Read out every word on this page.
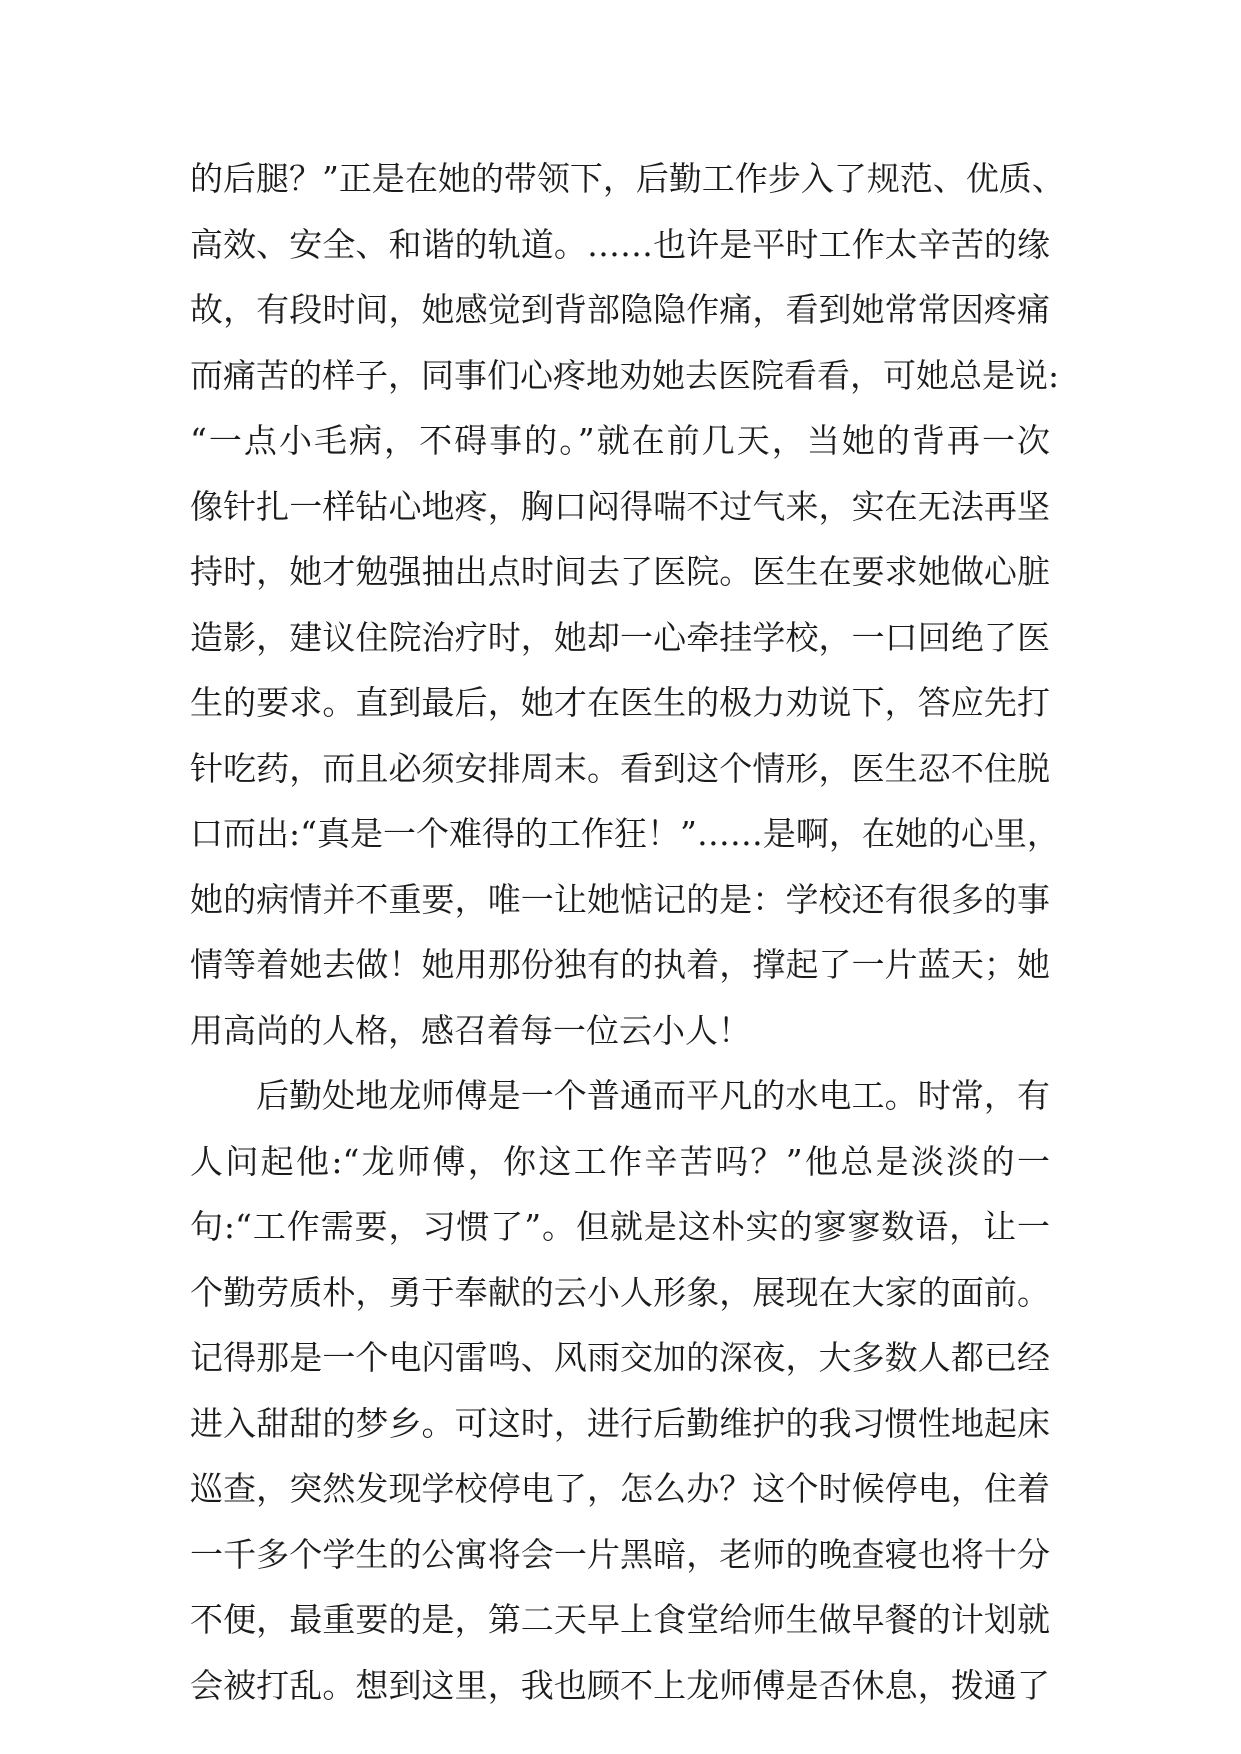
的后腿？”正是在她的带领下，后勤工作步入了规范、优质、
高效、安全、和谐的轨道。……也许是平时工作太辛苦的缘
故，有段时间，她感觉到背部隐隐作痛，看到她常常因疼痛
而痛苦的样子，同事们心疼地劝她去医院看看，可她总是说:
“一点小毛病，不碍事的。”就在前几天，当她的背再一次
像针扎一样钻心地疼，胸口闷得喘不过气来，实在无法再坚
持时，她才勉强抽出点时间去了医院。医生在要求她做心脏
造影，建议住院治疗时，她却一心牵挂学校，一口回绝了医
生的要求。直到最后，她才在医生的极力劝说下，答应先打
针吃药，而且必须安排周末。看到这个情形，医生忍不住脱
口而出:“真是一个难得的工作狂！”……是啊，在她的心里，
她的病情并不重要，唯一让她惦记的是：学校还有很多的事
情等着她去做！她用那份独有的执着，撑起了一片蓝天；她
用高尚的人格，感召着每一位云小人！
后勤处地龙师傅是一个普通而平凡的水电工。时常，有
人问起他:“龙师傅，你这工作辛苦吗？”他总是淡淡的一
句:“工作需要，习惯了”。但就是这朴实的寥寥数语，让一
个勤劳质朴，勇于奉献的云小人形象，展现在大家的面前。
记得那是一个电闪雷鸣、风雨交加的深夜，大多数人都已经
进入甜甜的梦乡。可这时，进行后勤维护的我习惯性地起床
巡查，突然发现学校停电了，怎么办？这个时候停电，住着
一千多个学生的公寓将会一片黑暗，老师的晚查寝也将十分
不便，最重要的是，第二天早上食堂给师生做早餐的计划就
会被打乱。想到这里，我也顾不上龙师傅是否休息，拨通了
